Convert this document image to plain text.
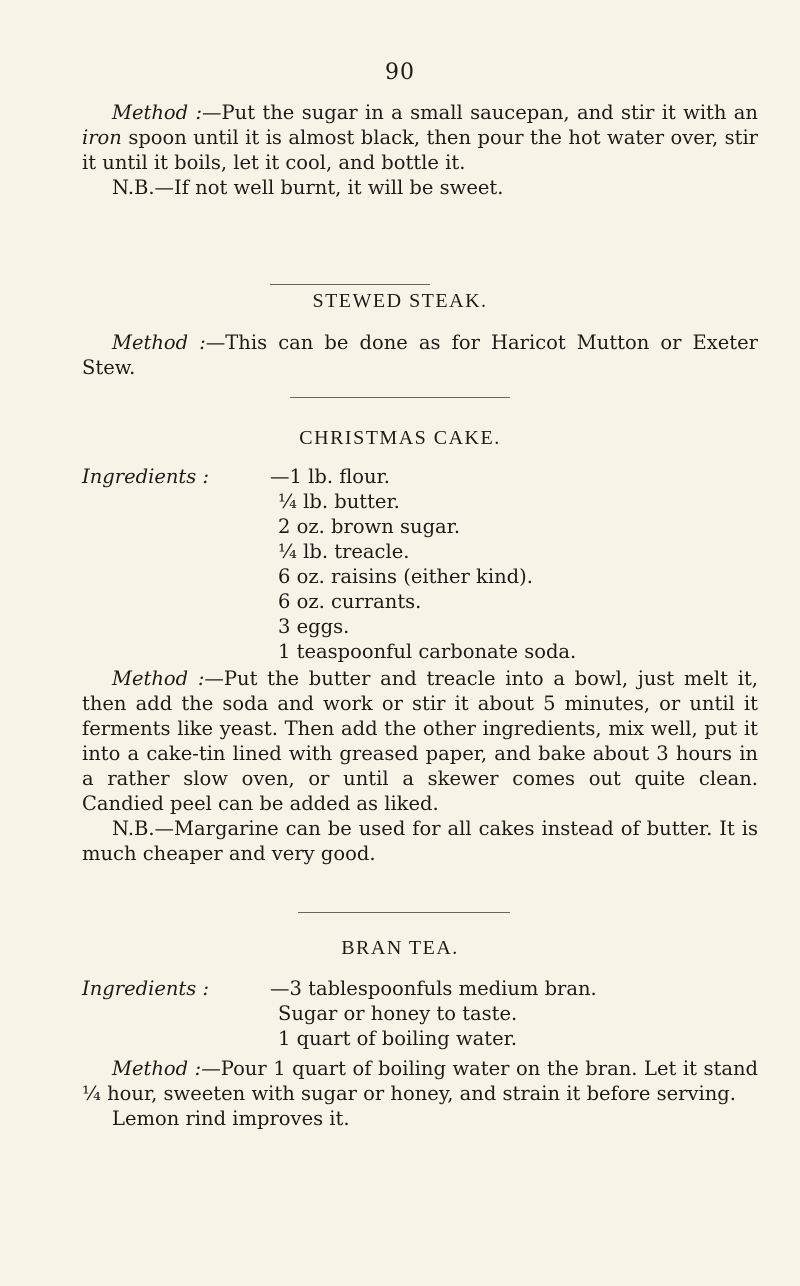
90

Method :—Put the sugar in a small saucepan, and stir it with an iron spoon until it is almost black, then pour the hot water over, stir it until it boils, let it cool, and bottle it.

N.B.—If not well burnt, it will be sweet.

STEWED STEAK.

Method :—This can be done as for Haricot Mutton or Exeter Stew.

CHRISTMAS CAKE.
Ingredients :	—1 lb. flour.
¼ lb. butter.
2 oz. brown sugar.
¼ lb. treacle.
6 oz. raisins (either kind).
6 oz. currants.
3 eggs.
1 teaspoonful carbonate soda.

Method :—Put the butter and treacle into a bowl, just melt it, then add the soda and work or stir it about 5 minutes, or until it ferments like yeast. Then add the other ingredients, mix well, put it into a cake-tin lined with greased paper, and bake about 3 hours in a rather slow oven, or until a skewer comes out quite clean. Candied peel can be added as liked.

N.B.—Margarine can be used for all cakes instead of butter. It is much cheaper and very good.

BRAN TEA.
Ingredients :	—3 tablespoonfuls medium bran.
Sugar or honey to taste.
1 quart of boiling water.

Method :—Pour 1 quart of boiling water on the bran. Let it stand ¼ hour, sweeten with sugar or honey, and strain it before serving.

Lemon rind improves it.
